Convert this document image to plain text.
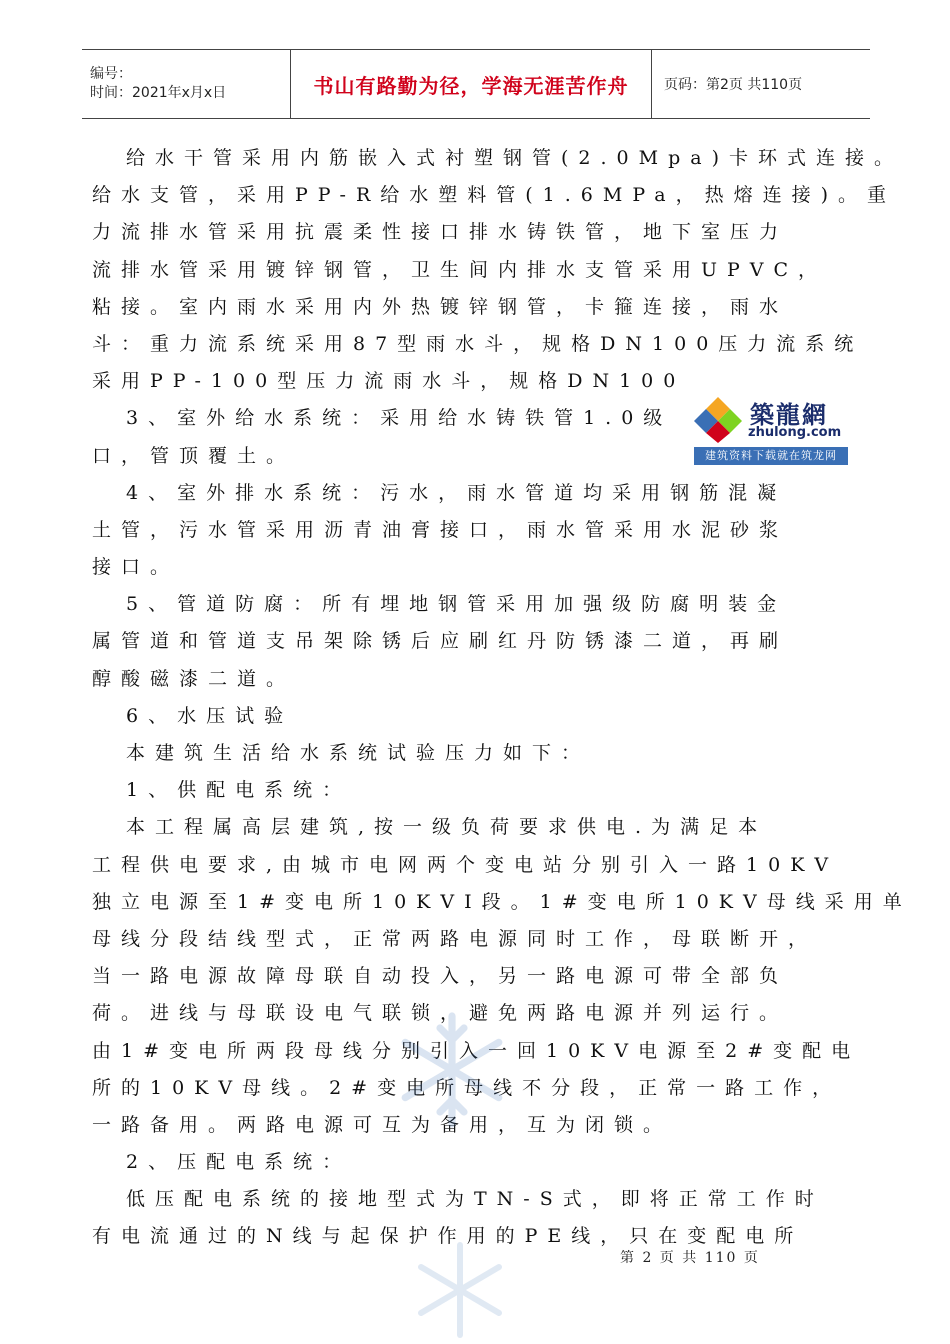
编号：
时间：2021年x月x日	书山有路勤为径，学海无涯苦作舟	页码：第2页 共110页
给水干管采用内筋嵌入式衬塑钢管(2.0Mpa)卡环式连接。
给水支管，采用PP-R给水塑料管(1.6MPa，热熔连接)。重
力流排水管采用抗震柔性接口排水铸铁管，地下室压力
流排水管采用镀锌钢管，卫生间内排水支管采用UPVC，
粘接。室内雨水采用内外热镀锌钢管，卡箍连接，雨水
斗：重力流系统采用87型雨水斗，规格DN100压力流系统
采用PP-100型压力流雨水斗，规格DN100
3、室外给水系统：采用给水铸铁管1.0级
口，管顶覆土。
4、室外排水系统：污水，雨水管道均采用钢筋混凝
土管，污水管采用沥青油膏接口，雨水管采用水泥砂浆
接口。
5、管道防腐：所有埋地钢管采用加强级防腐明装金
属管道和管道支吊架除锈后应刷红丹防锈漆二道，再刷
醇酸磁漆二道。
6、水压试验
本建筑生活给水系统试验压力如下：
1、供配电系统：
本工程属高层建筑,按一级负荷要求供电.为满足本
工程供电要求,由城市电网两个变电站分别引入一路10KV
独立电源至1#变电所10KVⅠ段。1#变电所10KV母线采用单
母线分段结线型式，正常两路电源同时工作，母联断开，
当一路电源故障母联自动投入，另一路电源可带全部负
荷。进线与母联设电气联锁，避免两路电源并列运行。
由1#变电所两段母线分别引入一回10KV电源至2#变配电
所的10KV母线。2#变电所母线不分段，正常一路工作，
一路备用。两路电源可互为备用，互为闭锁。
2、压配电系统：
低压配电系统的接地型式为TN-S式，即将正常工作时
有电流通过的N线与起保护作用的PE线，只在变配电所
築龍網
zhulong.com
建筑资料下载就在筑龙网
第 2 页 共 110 页
